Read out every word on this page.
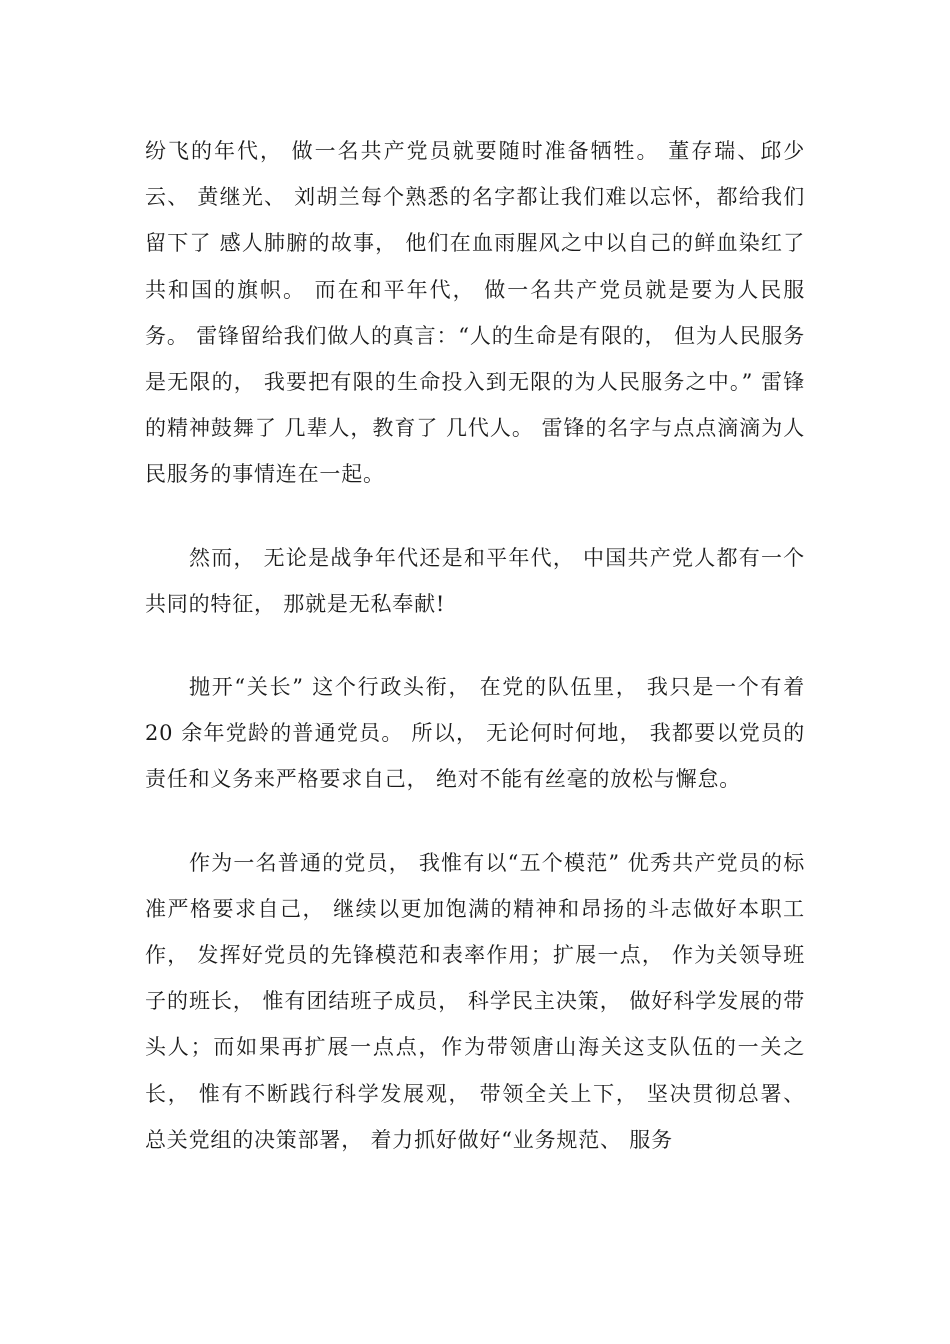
纷飞的年代， 做一名共产党员就要随时准备牺牲。 董存瑞、邱少云、 黄继光、 刘胡兰每个熟悉的名字都让我们难以忘怀，都给我们留下了 感人肺腑的故事， 他们在血雨腥风之中以自己的鲜血染红了 共和国的旗帜。 而在和平年代， 做一名共产党员就是要为人民服务。 雷锋留给我们做人的真言：“人的生命是有限的， 但为人民服务是无限的， 我要把有限的生命投入到无限的为人民服务之中。” 雷锋的精神鼓舞了 几辈人，教育了 几代人。 雷锋的名字与点点滴滴为人民服务的事情连在一起。

然而， 无论是战争年代还是和平年代， 中国共产党人都有一个共同的特征， 那就是无私奉献!

抛开“关长” 这个行政头衔， 在党的队伍里， 我只是一个有着 20 余年党龄的普通党员。 所以， 无论何时何地， 我都要以党员的责任和义务来严格要求自己， 绝对不能有丝毫的放松与懈怠。

作为一名普通的党员， 我惟有以“五个模范” 优秀共产党员的标准严格要求自己， 继续以更加饱满的精神和昂扬的斗志做好本职工作， 发挥好党员的先锋模范和表率作用；扩展一点， 作为关领导班子的班长， 惟有团结班子成员， 科学民主决策， 做好科学发展的带头人；而如果再扩展一点点，作为带领唐山海关这支队伍的一关之长， 惟有不断践行科学发展观， 带领全关上下， 坚决贯彻总署、 总关党组的决策部署， 着力抓好做好“业务规范、 服务
